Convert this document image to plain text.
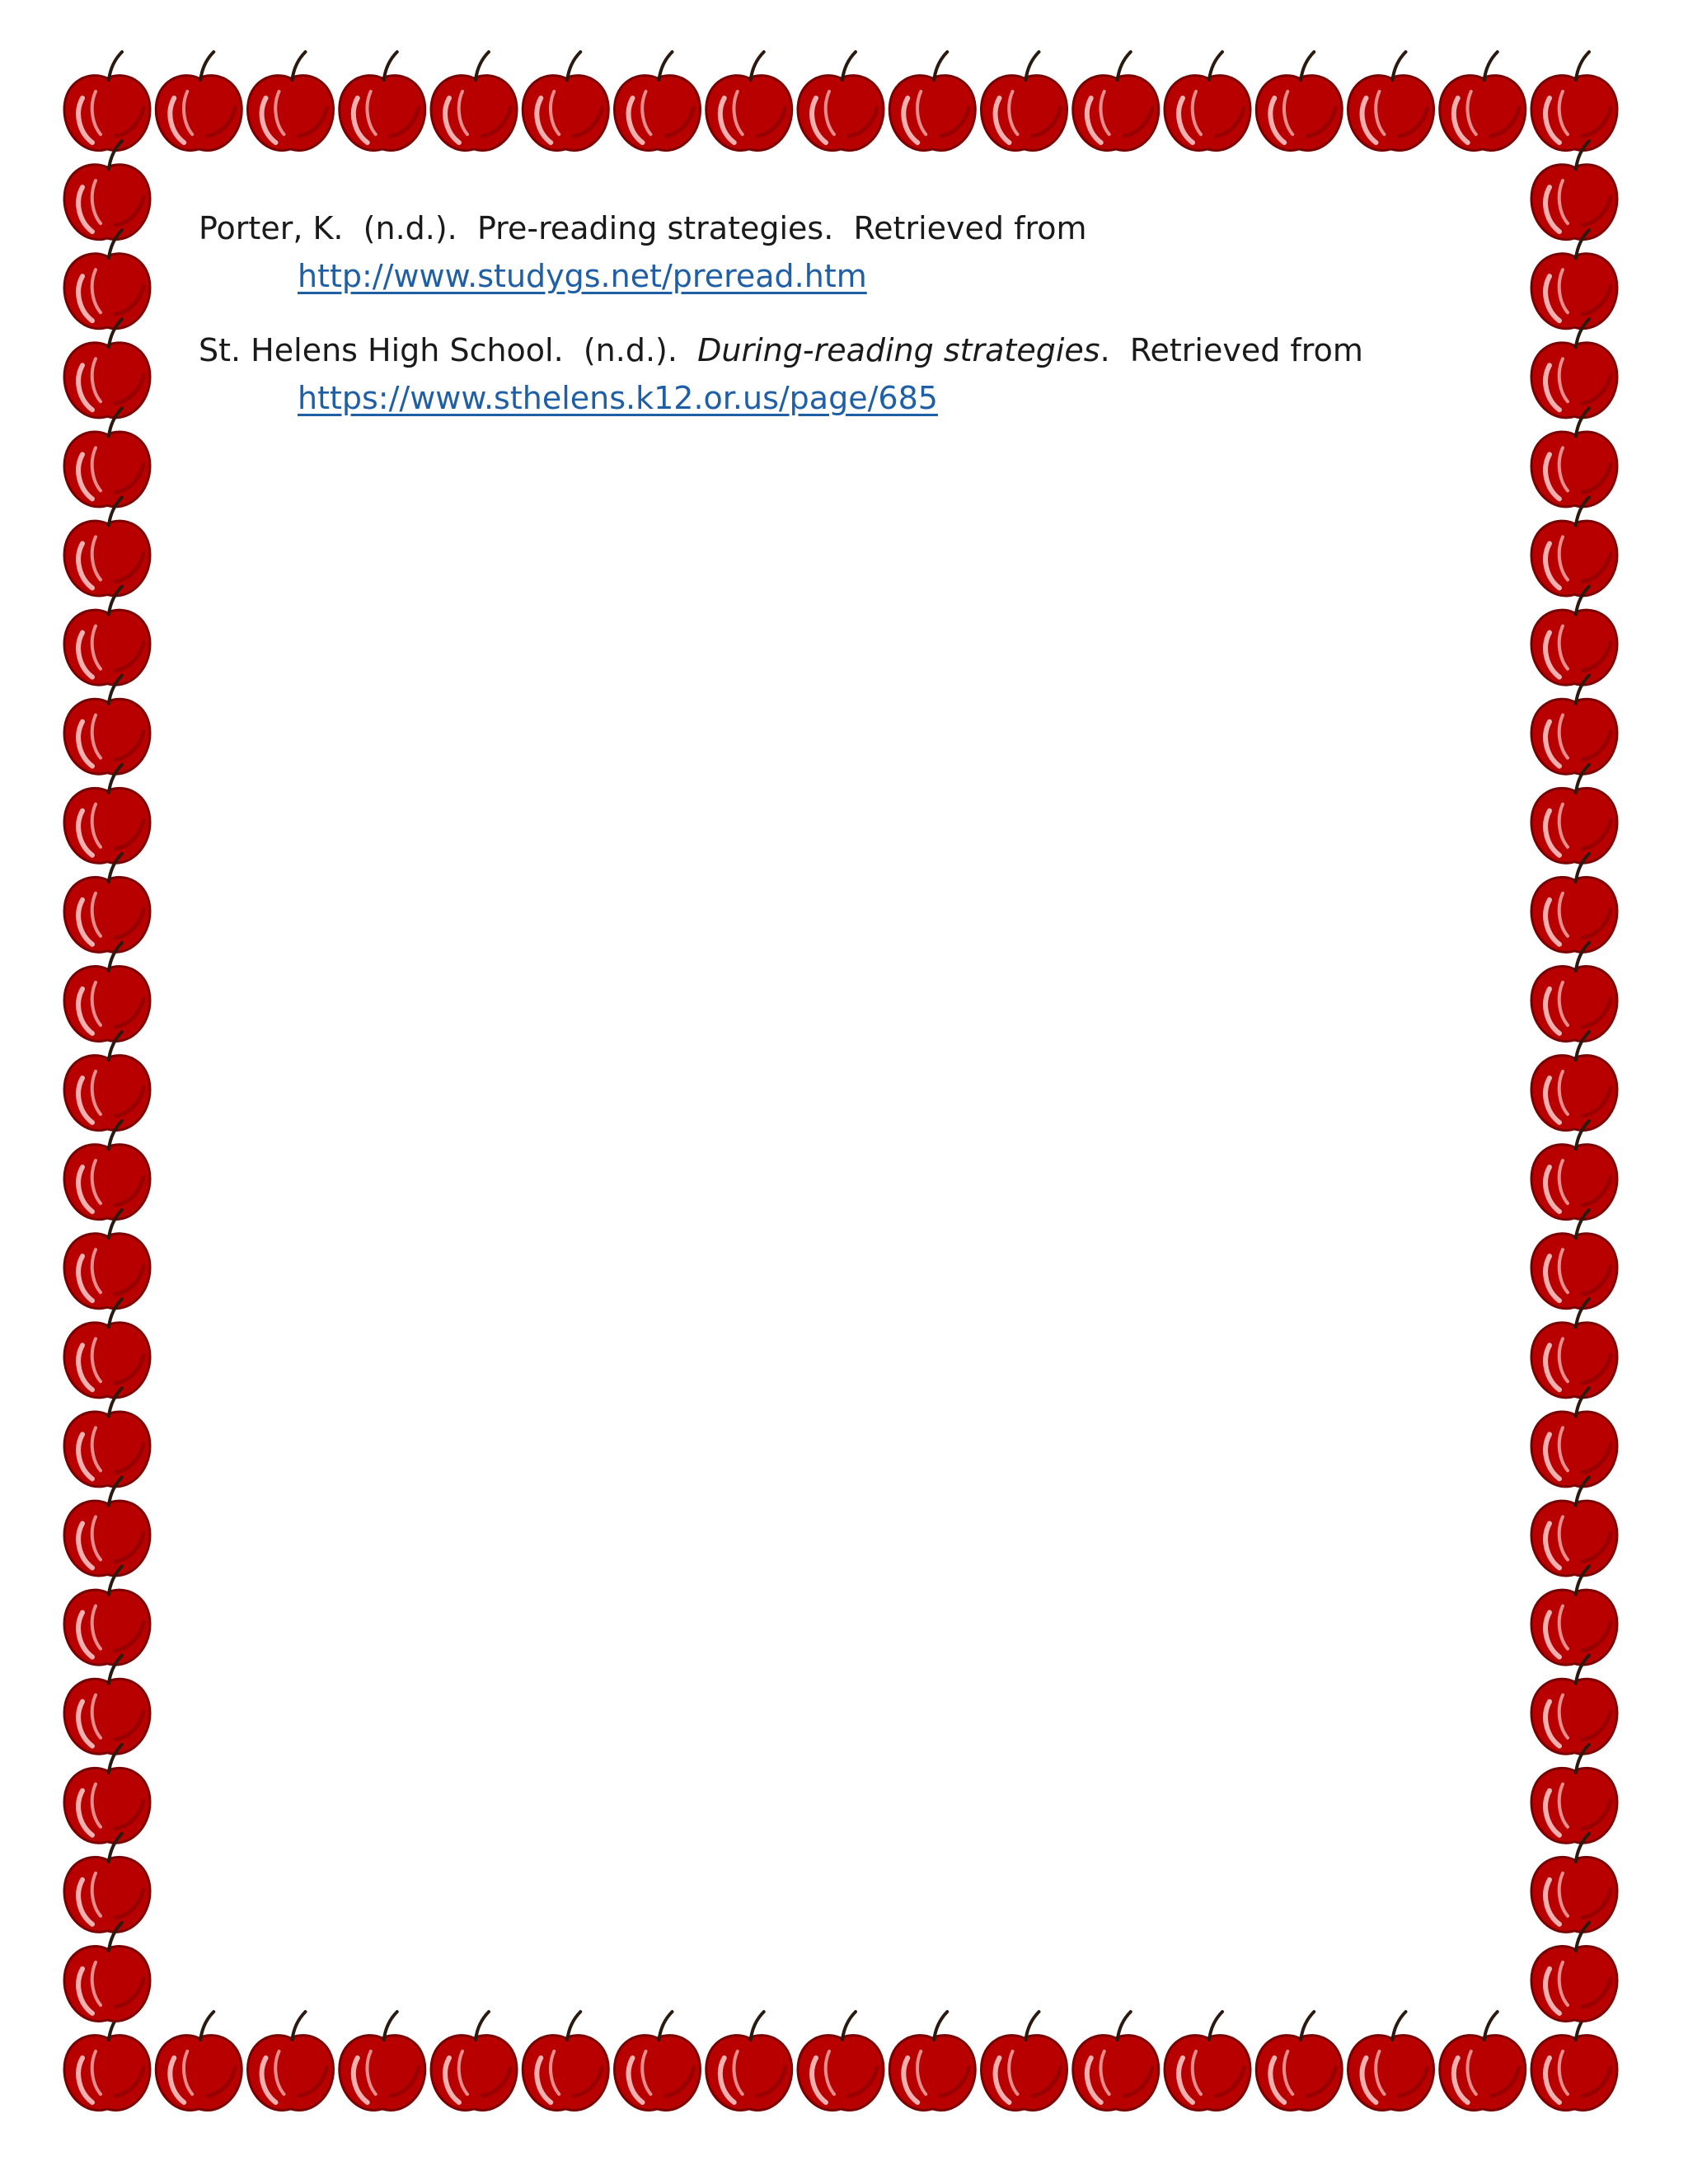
Porter, K. (n.d.). Pre-reading strategies. Retrieved from
http://www.studygs.net/preread.htm

St. Helens High School. (n.d.). During-reading strategies. Retrieved from
https://www.sthelens.k12.or.us/page/685
